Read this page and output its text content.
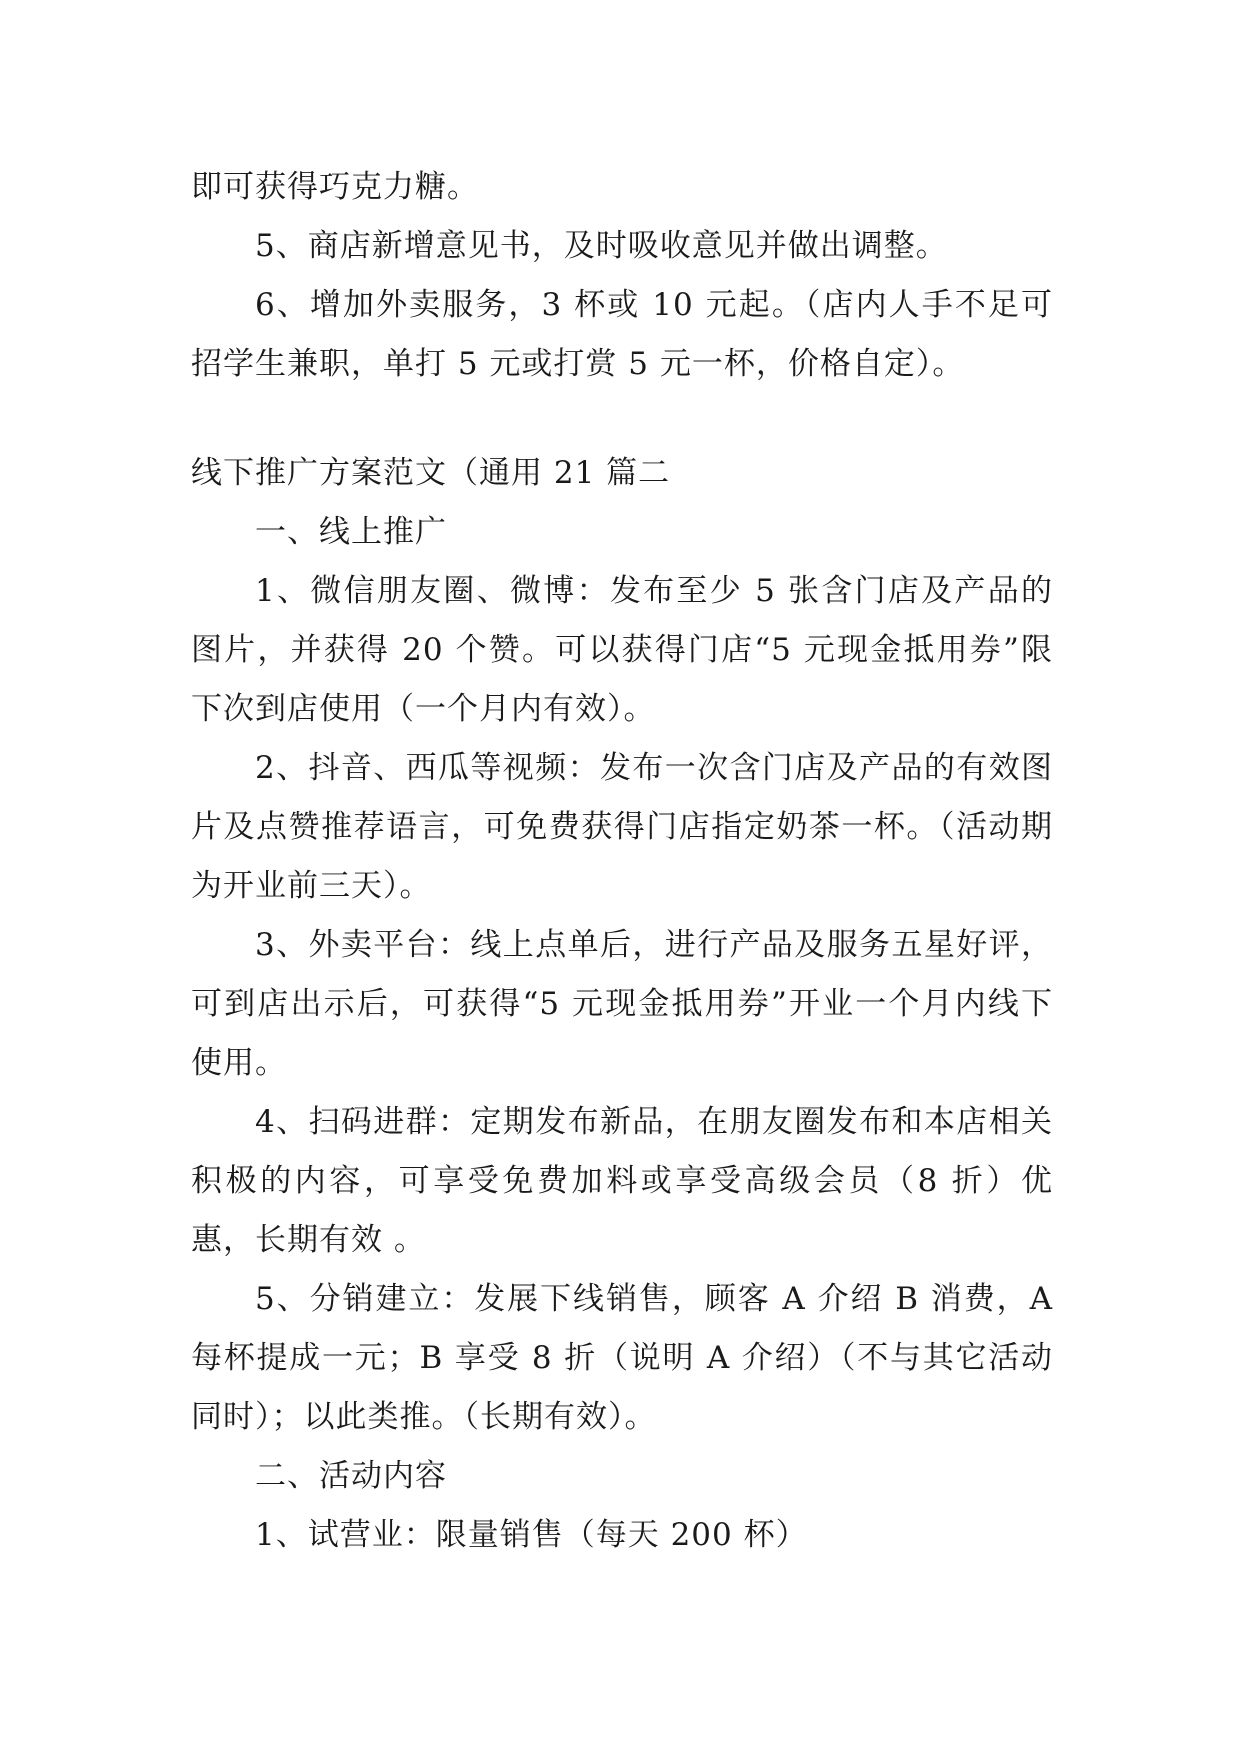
即可获得巧克力糖。

5、商店新增意见书，及时吸收意见并做出调整。

6、增加外卖服务，3 杯或 10 元起。（店内人手不足可招学生兼职，单打 5 元或打赏 5 元一杯，价格自定）。

线下推广方案范文（通用 21 篇二

一、线上推广

1、微信朋友圈、微博：发布至少 5 张含门店及产品的图片，并获得 20 个赞。可以获得门店“5 元现金抵用券”限下次到店使用（一个月内有效）。

2、抖音、西瓜等视频：发布一次含门店及产品的有效图片及点赞推荐语言，可免费获得门店指定奶茶一杯。（活动期为开业前三天）。

3、外卖平台：线上点单后，进行产品及服务五星好评，可到店出示后，可获得“5 元现金抵用券”开业一个月内线下使用。

4、扫码进群：定期发布新品，在朋友圈发布和本店相关积极的内容，可享受免费加料或享受高级会员（8 折）优惠，长期有效 。

5、分销建立：发展下线销售，顾客 A 介绍 B 消费，A 每杯提成一元；B 享受 8 折（说明 A 介绍）（不与其它活动同时）；以此类推。（长期有效）。

二、活动内容

1、试营业：限量销售（每天 200 杯）
